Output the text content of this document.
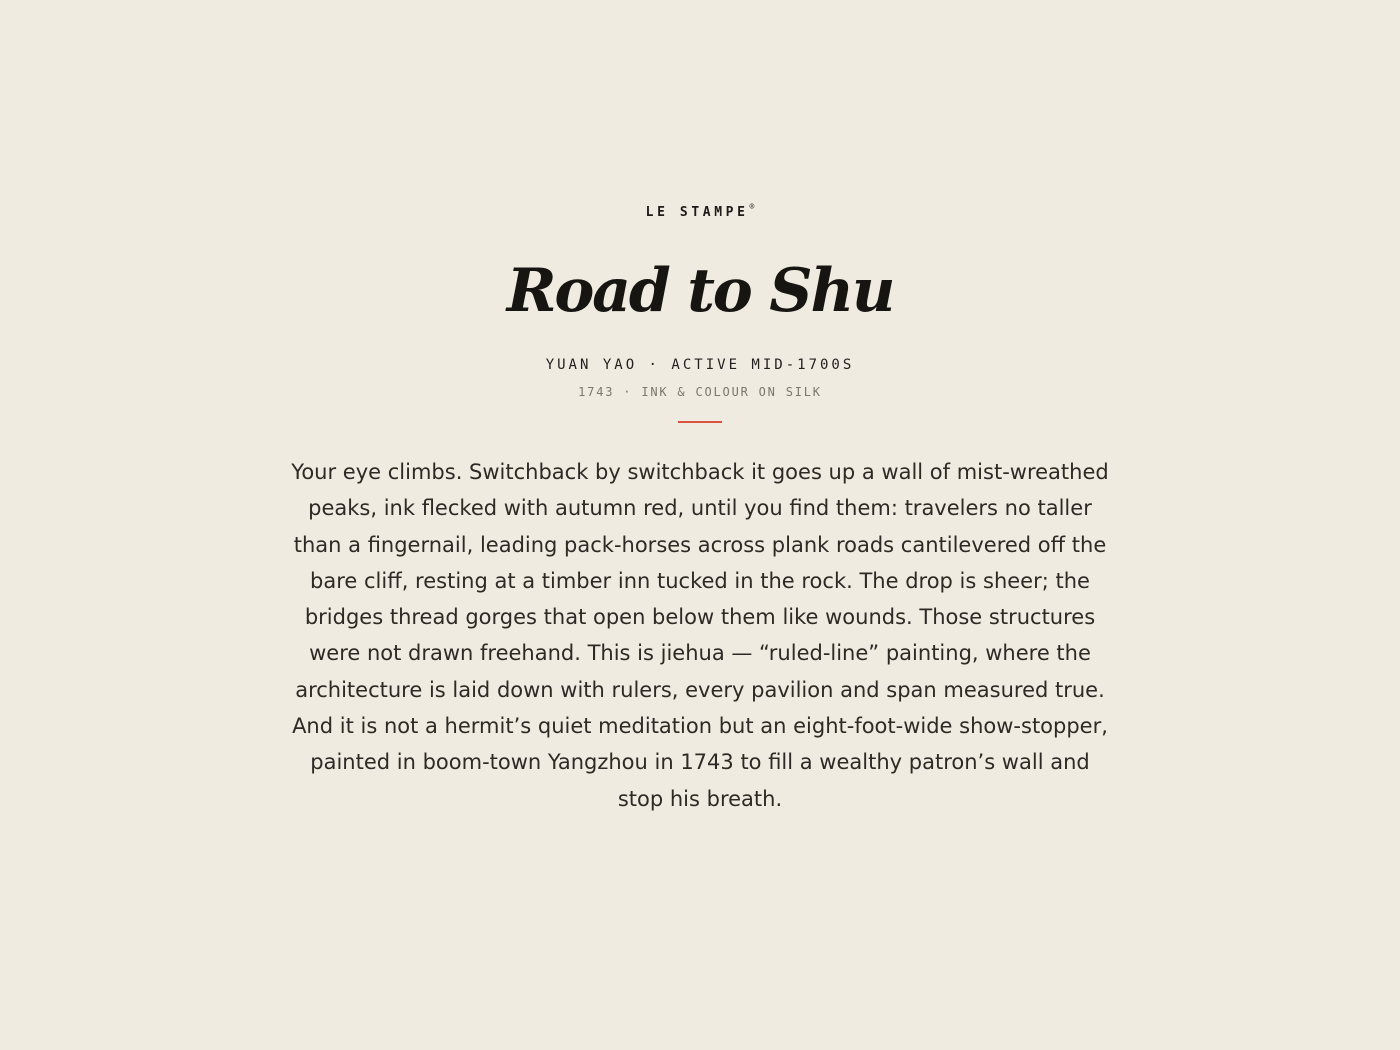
LE STAMPE ®
Road to Shu
YUAN YAO · ACTIVE MID-1700S
1743 · INK & COLOUR ON SILK

Your eye climbs. Switchback by switchback it goes up a wall of mist-wreathed peaks, ink flecked with autumn red, until you find them: travelers no taller than a fingernail, leading pack-horses across plank roads cantilevered off the bare cliff, resting at a timber inn tucked in the rock. The drop is sheer; the bridges thread gorges that open below them like wounds. Those structures were not drawn freehand. This is jiehua — “ruled-line” painting, where the architecture is laid down with rulers, every pavilion and span measured true. And it is not a hermit’s quiet meditation but an eight-foot-wide show-stopper, painted in boom-town Yangzhou in 1743 to fill a wealthy patron’s wall and stop his breath.
